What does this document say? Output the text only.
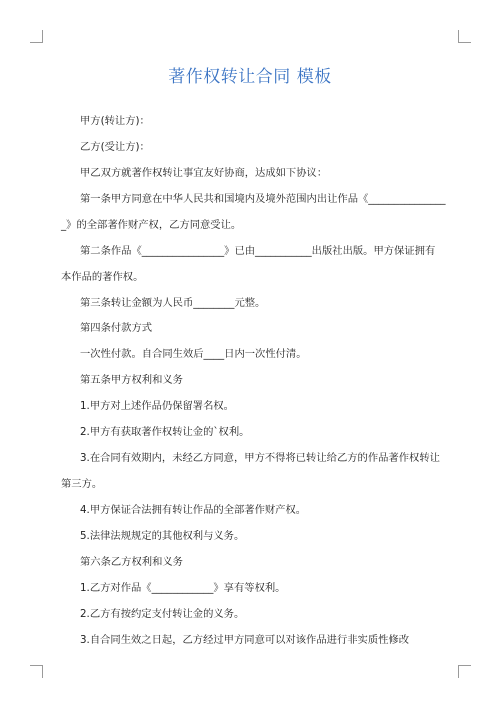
著作权转让合同 模板
甲方(转让方)：
乙方(受让方)：
甲乙双方就著作权转让事宜友好协商，达成如下协议：
第一条甲方同意在中华人民共和国境内及境外范围内出让作品《_______________
_》的全部著作财产权，乙方同意受让。
第二条作品《________________》已由___________出版社出版。甲方保证拥有
本作品的著作权。
第三条转让金额为人民币________元整。
第四条付款方式
一次性付款。自合同生效后____日内一次性付清。
第五条甲方权利和义务
1.甲方对上述作品仍保留署名权。
2.甲方有获取著作权转让金的`权利。
3.在合同有效期内，未经乙方同意，甲方不得将已转让给乙方的作品著作权转让
第三方。
4.甲方保证合法拥有转让作品的全部著作财产权。
5.法律法规规定的其他权利与义务。
第六条乙方权利和义务
1.乙方对作品《____________》享有等权利。
2.乙方有按约定支付转让金的义务。
3.自合同生效之日起，乙方经过甲方同意可以对该作品进行非实质性修改
